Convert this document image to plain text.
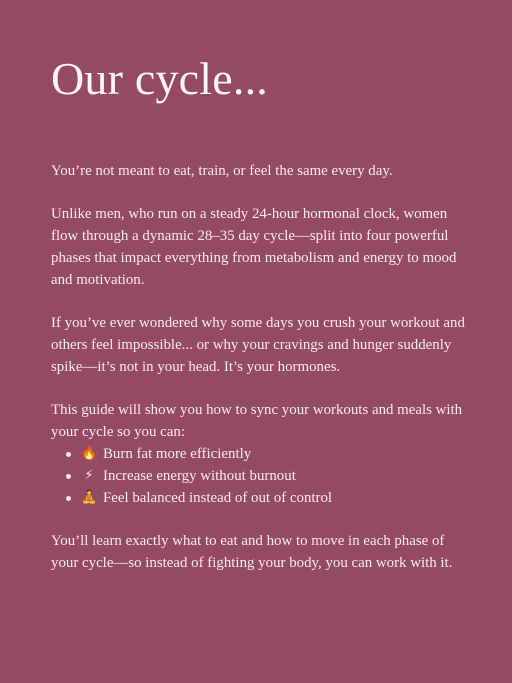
Our cycle...

You’re not meant to eat, train, or feel the same every day.

Unlike men, who run on a steady 24-hour hormonal clock, women flow through a dynamic 28–35 day cycle—split into four powerful phases that impact everything from metabolism and energy to mood and motivation.

If you’ve ever wondered why some days you crush your workout and others feel impossible... or why your cravings and hunger suddenly spike—it’s not in your head. It’s your hormones.

This guide will show you how to sync your workouts and meals with your cycle so you can:

🔥 Burn fat more efficiently
⚡ Increase energy without burnout
🧘 Feel balanced instead of out of control

You’ll learn exactly what to eat and how to move in each phase of your cycle—so instead of fighting your body, you can work with it.
